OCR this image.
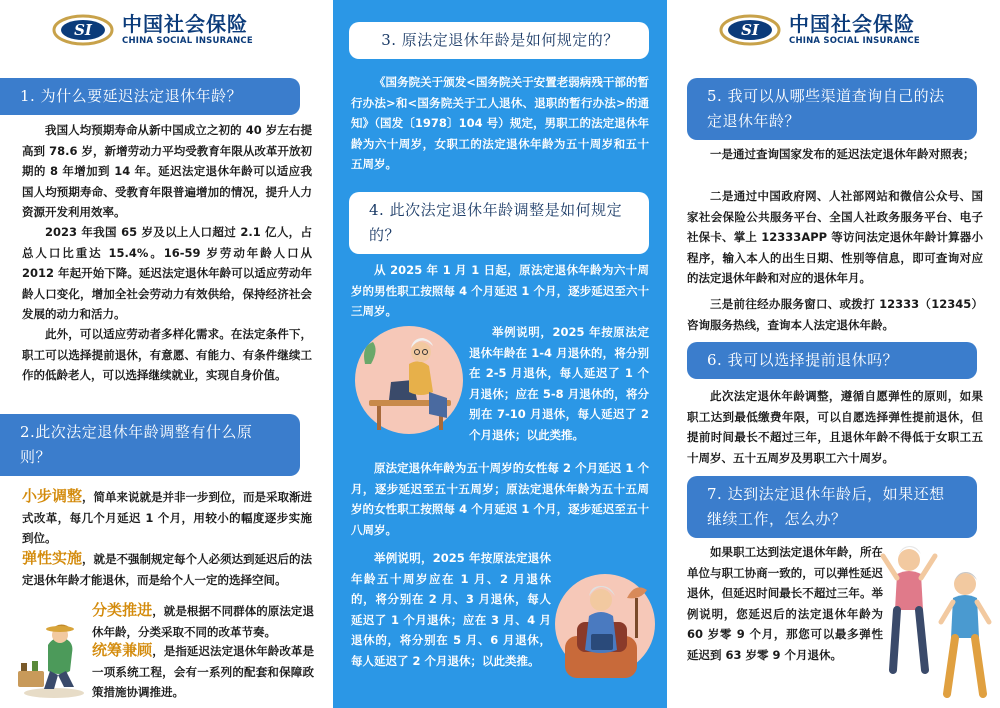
SI 中国社会保险
CHINA SOCIAL INSURANCE
1. 为什么要延迟法定退休年龄？
我国人均预期寿命从新中国成立之初的 40 岁左右提高到 78.6 岁，新增劳动力平均受教育年限从改革开放初期的 8 年增加到 14 年。延迟法定退休年龄可以适应我国人均预期寿命、受教育年限普遍增加的情况，提升人力资源开发利用效率。
2023 年我国 65 岁及以上人口超过 2.1 亿人，占总人口比重达 15.4%。16-59 岁劳动年龄人口从 2012 年起开始下降。延迟法定退休年龄可以适应劳动年龄人口变化，增加全社会劳动力有效供给，保持经济社会发展的动力和活力。
此外，可以适应劳动者多样化需求。在法定条件下，职工可以选择提前退休，有意愿、有能力、有条件继续工作的低龄老人，可以选择继续就业，实现自身价值。
2.此次法定退休年龄调整有什么原则？
小步调整，简单来说就是并非一步到位，而是采取渐进式改革，每几个月延迟 1 个月，用较小的幅度逐步实施到位。
弹性实施，就是不强制规定每个人必须达到延迟后的法定退休年龄才能退休，而是给个人一定的选择空间。
分类推进，就是根据不同群体的原法定退休年龄，分类采取不同的改革节奏。
统筹兼顾，是指延迟法定退休年龄改革是一项系统工程，会有一系列的配套和保障政策措施协调推进。
3. 原法定退休年龄是如何规定的？
《国务院关于颁发<国务院关于安置老弱病残干部的暂行办法>和<国务院关于工人退休、退职的暂行办法>的通知》（国发〔1978〕104 号）规定，男职工的法定退休年龄为六十周岁，女职工的法定退休年龄为五十周岁和五十五周岁。
4. 此次法定退休年龄调整是如何规定的？
从 2025 年 1 月 1 日起，原法定退休年龄为六十周岁的男性职工按照每 4 个月延迟 1 个月，逐步延迟至六十三周岁。
举例说明，2025 年按原法定退休年龄在 1-4 月退休的，将分别在 2-5 月退休，每人延迟了 1 个月退休；应在 5-8 月退休的，将分别在 7-10 月退休，每人延迟了 2 个月退休；以此类推。
原法定退休年龄为五十周岁的女性每 2 个月延迟 1 个月，逐步延迟至五十五周岁；原法定退休年龄为五十五周岁的女性职工按照每 4 个月延迟 1 个月，逐步延迟至五十八周岁。
举例说明，2025 年按原法定退休年龄五十周岁应在 1 月、2 月退休的，将分别在 2 月、3 月退休，每人延迟了 1 个月退休；应在 3 月、4 月退休的，将分别在 5 月、6 月退休，每人延迟了 2 个月退休；以此类推。
SI 中国社会保险
CHINA SOCIAL INSURANCE
5. 我可以从哪些渠道查询自己的法定退休年龄？
一是通过查询国家发布的延迟法定退休年龄对照表；
二是通过中国政府网、人社部网站和微信公众号、国家社会保险公共服务平台、全国人社政务服务平台、电子社保卡、掌上 12333APP 等访问法定退休年龄计算器小程序，输入本人的出生日期、性别等信息，即可查询对应的法定退休年龄和对应的退休年月。
三是前往经办服务窗口、或拨打 12333（12345）咨询服务热线，查询本人法定退休年龄。
6. 我可以选择提前退休吗？
此次法定退休年龄调整，遵循自愿弹性的原则，如果职工达到最低缴费年限，可以自愿选择弹性提前退休，但提前时间最长不超过三年，且退休年龄不得低于女职工五十周岁、五十五周岁及男职工六十周岁。
7. 达到法定退休年龄后，如果还想继续工作，怎么办？
如果职工达到法定退休年龄，所在单位与职工协商一致的，可以弹性延迟退休，但延迟时间最长不超过三年。举例说明，您延迟后的法定退休年龄为 60 岁零 9 个月，那您可以最多弹性延迟到 63 岁零 9 个月退休。
